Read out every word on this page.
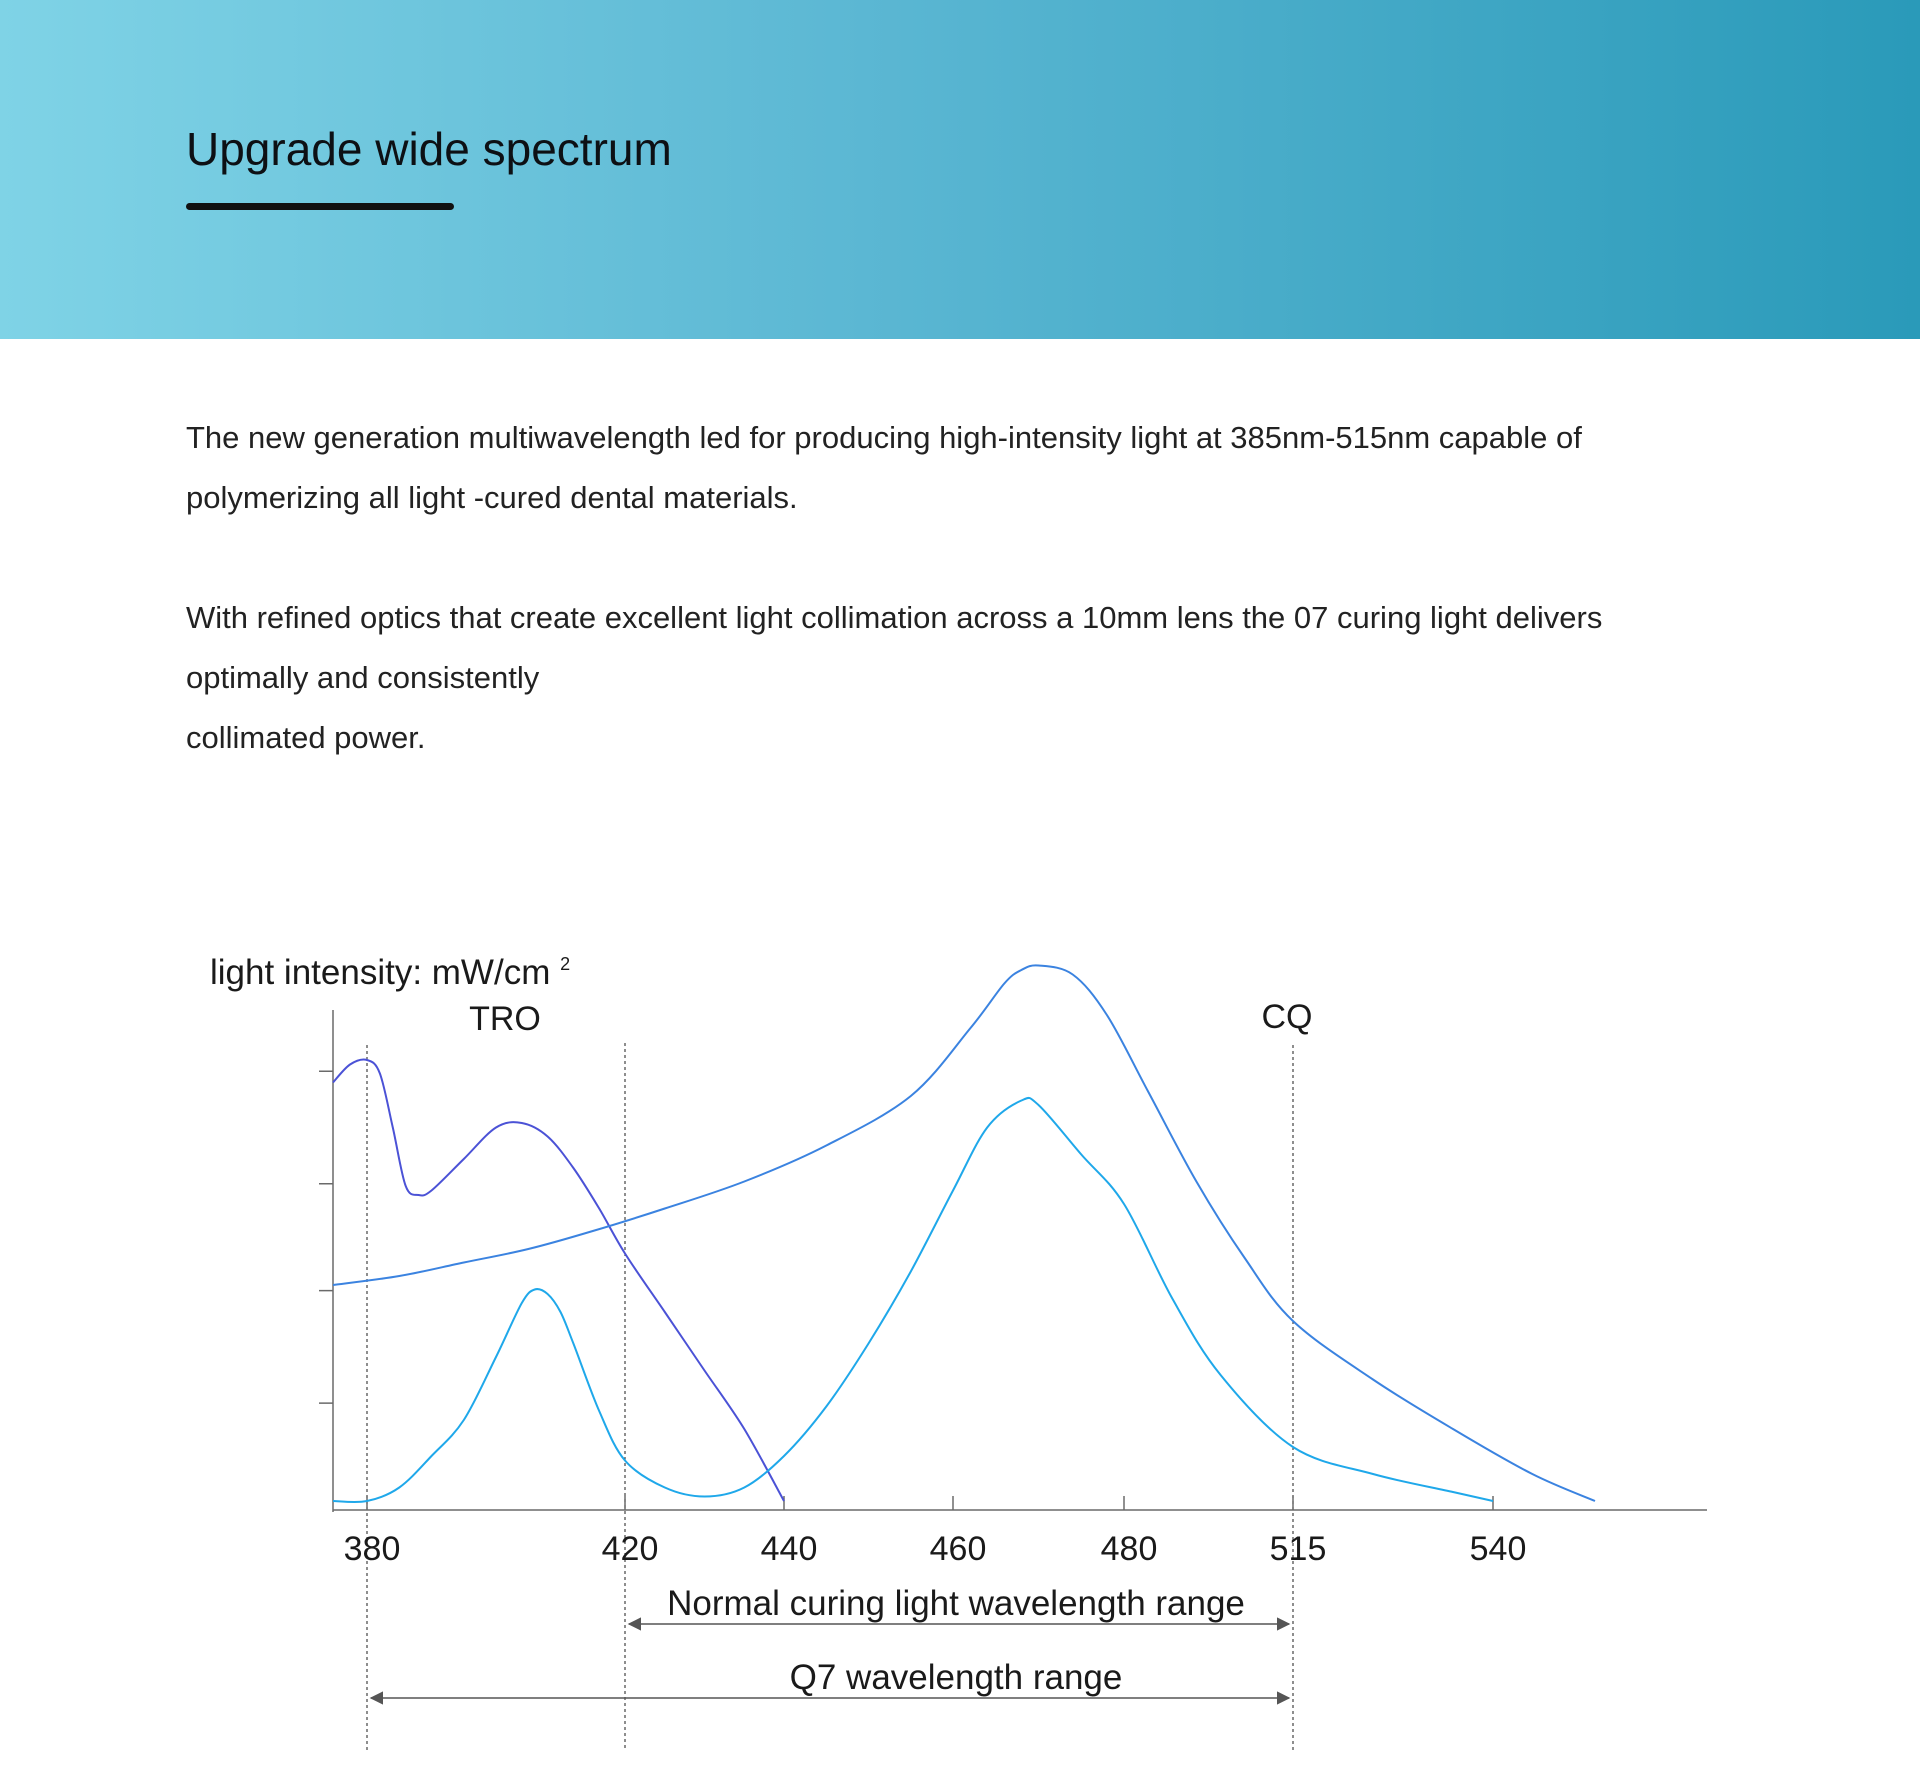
Upgrade wide spectrum
The new generation multiwavelength led for producing high-intensity light at 385nm-515nm capable of
polymerizing all light -cured dental materials.
With refined optics that create excellent light collimation across a 10mm lens the 07 curing light delivers
optimally and consistently
collimated power.
light intensity: mW/cm $^2$
TRO	CQ
380	420	440	460	480	515	540
Normal curing light wavelength range
Q7 wavelength range
